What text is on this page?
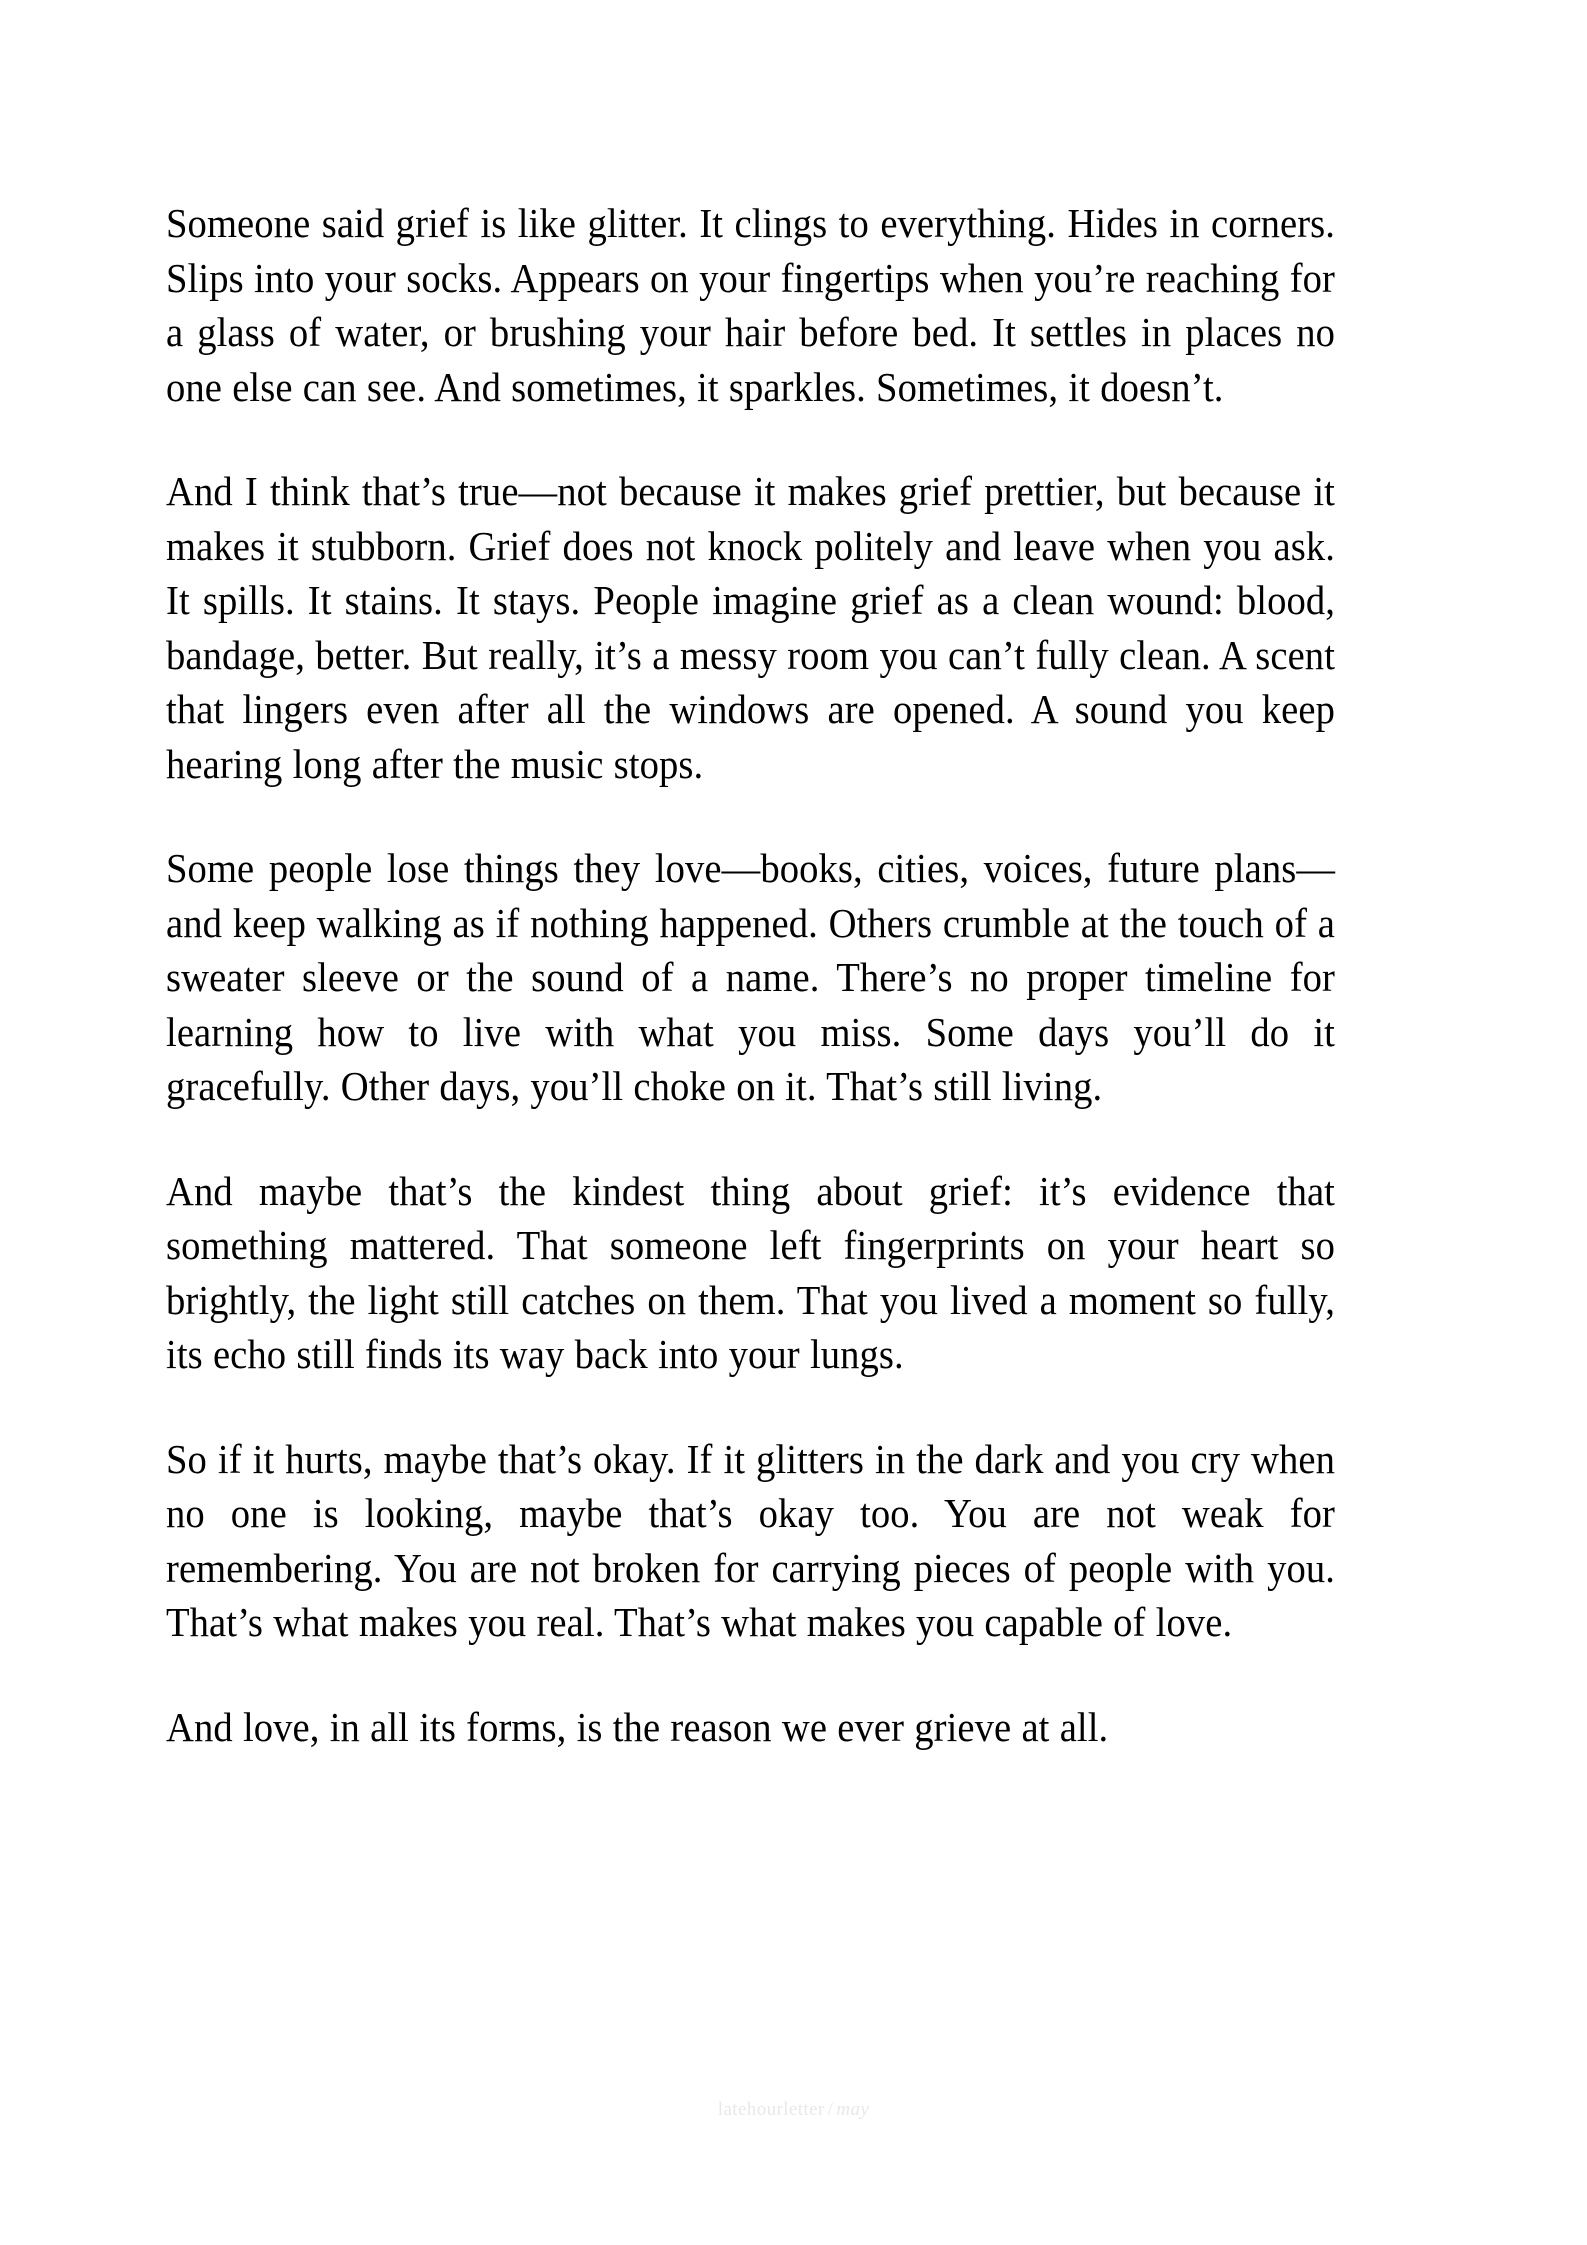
Someone said grief is like glitter. It clings to everything. Hides in corners. Slips into your socks. Appears on your fingertips when you’re reaching for a glass of water, or brushing your hair before bed. It settles in places no one else can see. And sometimes, it sparkles. Sometimes, it doesn’t.

And I think that’s true—not because it makes grief prettier, but because it makes it stubborn. Grief does not knock politely and leave when you ask. It spills. It stains. It stays. People imagine grief as a clean wound: blood, bandage, better. But really, it’s a messy room you can’t fully clean. A scent that lingers even after all the windows are opened. A sound you keep hearing long after the music stops.

Some people lose things they love—books, cities, voices, future plans—and keep walking as if nothing happened. Others crumble at the touch of a sweater sleeve or the sound of a name. There’s no proper timeline for learning how to live with what you miss. Some days you’ll do it gracefully. Other days, you’ll choke on it. That’s still living.

And maybe that’s the kindest thing about grief: it’s evidence that something mattered. That someone left fingerprints on your heart so brightly, the light still catches on them. That you lived a moment so fully, its echo still finds its way back into your lungs.

So if it hurts, maybe that’s okay. If it glitters in the dark and you cry when no one is looking, maybe that’s okay too. You are not weak for remembering. You are not broken for carrying pieces of people with you. That’s what makes you real. That’s what makes you capable of love.

And love, in all its forms, is the reason we ever grieve at all.

latehourletter / may
